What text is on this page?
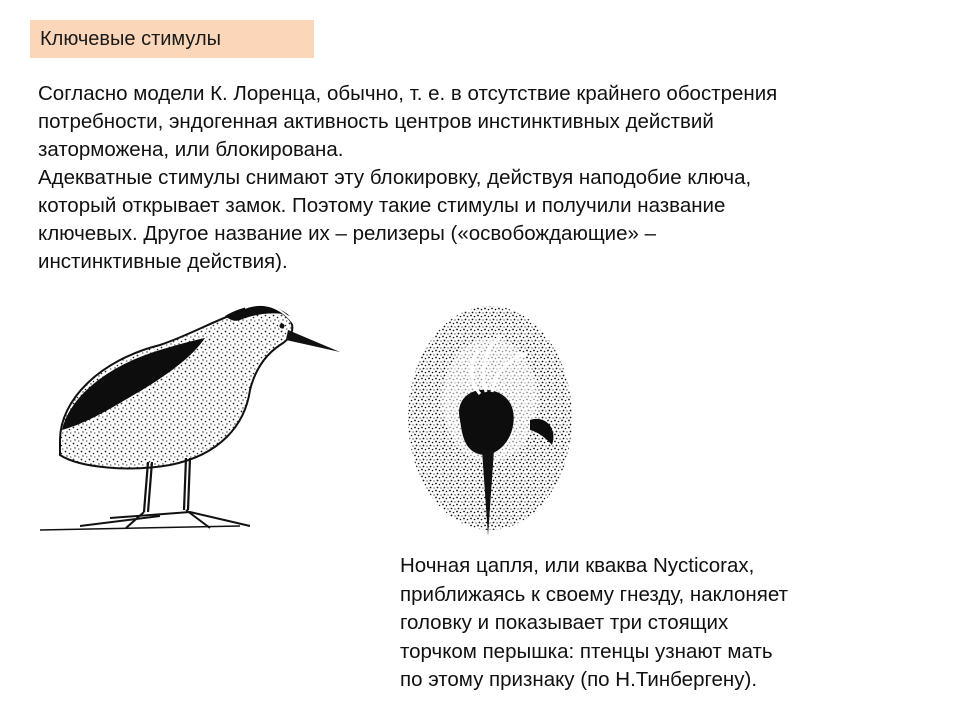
Ключевые стимулы
Согласно модели К. Лоренца, обычно, т. е. в отсутствие крайнего обострения
потребности, эндогенная активность центров инстинктивных действий
заторможена, или блокирована.
Адекватные стимулы снимают эту блокировку, действуя наподобие ключа,
который открывает замок. Поэтому такие стимулы и получили название
ключевых. Другое название их – релизеры («освобождающие» –
инстинктивные действия).
Ночная цапля, или кваква Nycticorax,
приближаясь к своему гнезду, наклоняет
головку и показывает три стоящих
торчком перышка: птенцы узнают мать
по этому признаку (по Н.Тинбергену).
